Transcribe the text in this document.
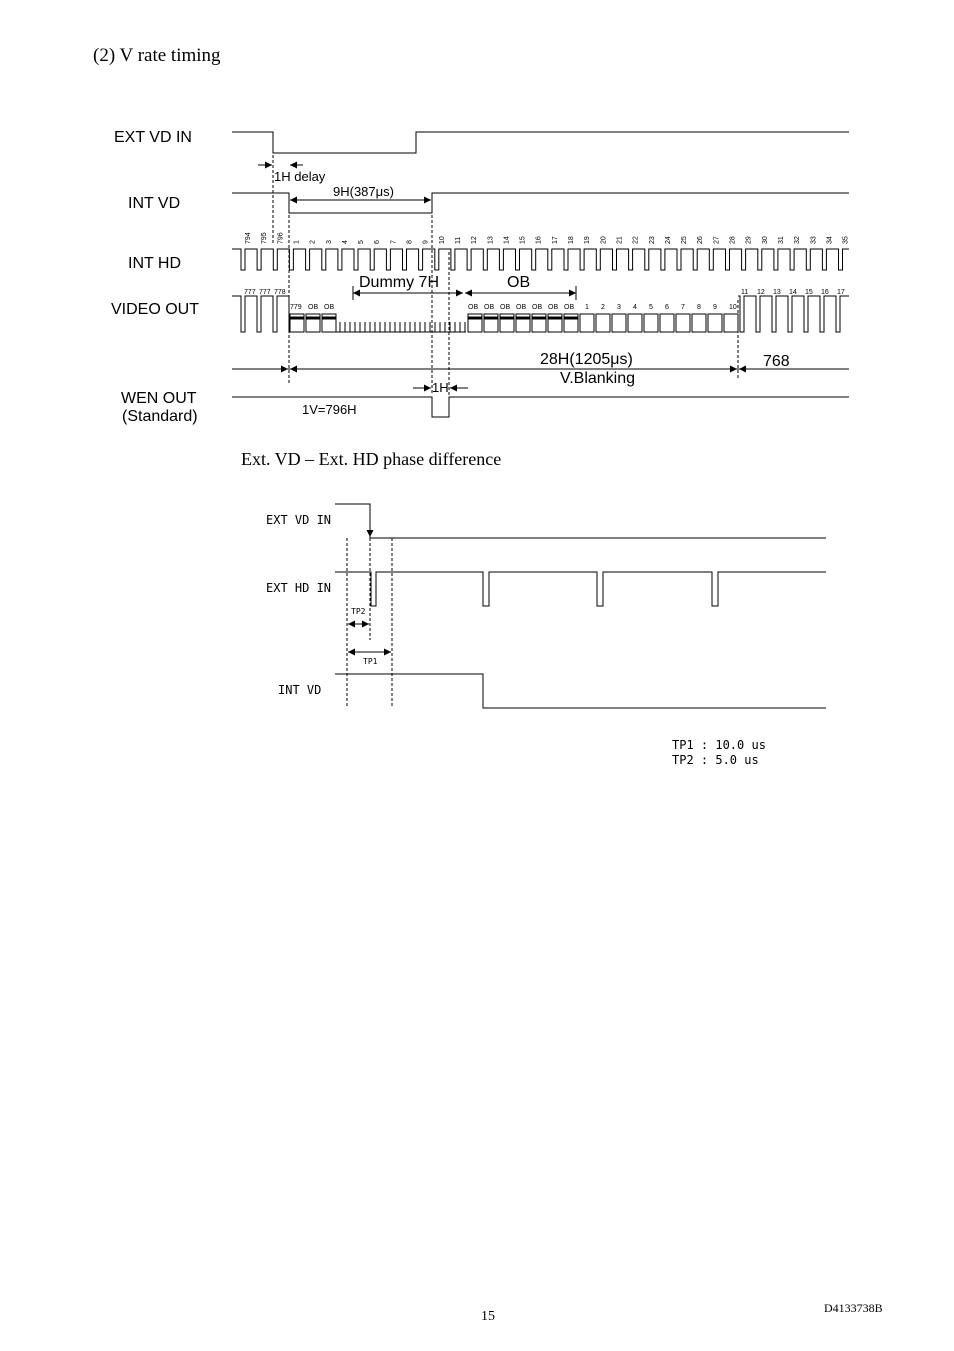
(2) V rate timing
EXT VD IN
INT VD
INT HD
VIDEO OUT
WEN OUT
(Standard)
1H delay
9H(387μs)
Dummy 7H	OB
28H(1205μs)
V.Blanking
768
1H
1V=796H
Ext. VD – Ext. HD phase difference
EXT VD IN
EXT HD IN
INT VD
TP2
TP1
TP1 : 10.0 us
TP2 : 5.0 us
15
D4133738B
794 795 796 1 2 3 4 5 6 7 8 9 10 11 12 13 14 15 16 17 18 19 20 21 22 23 24 25 26 27 28 29 30 31 32 33 34 35
777 777 778
779 OB OB	OB OB OB OB OB OB OB 1 2 3 4 5 6 7 8 9 10
11 12 13 14 15 16 17
